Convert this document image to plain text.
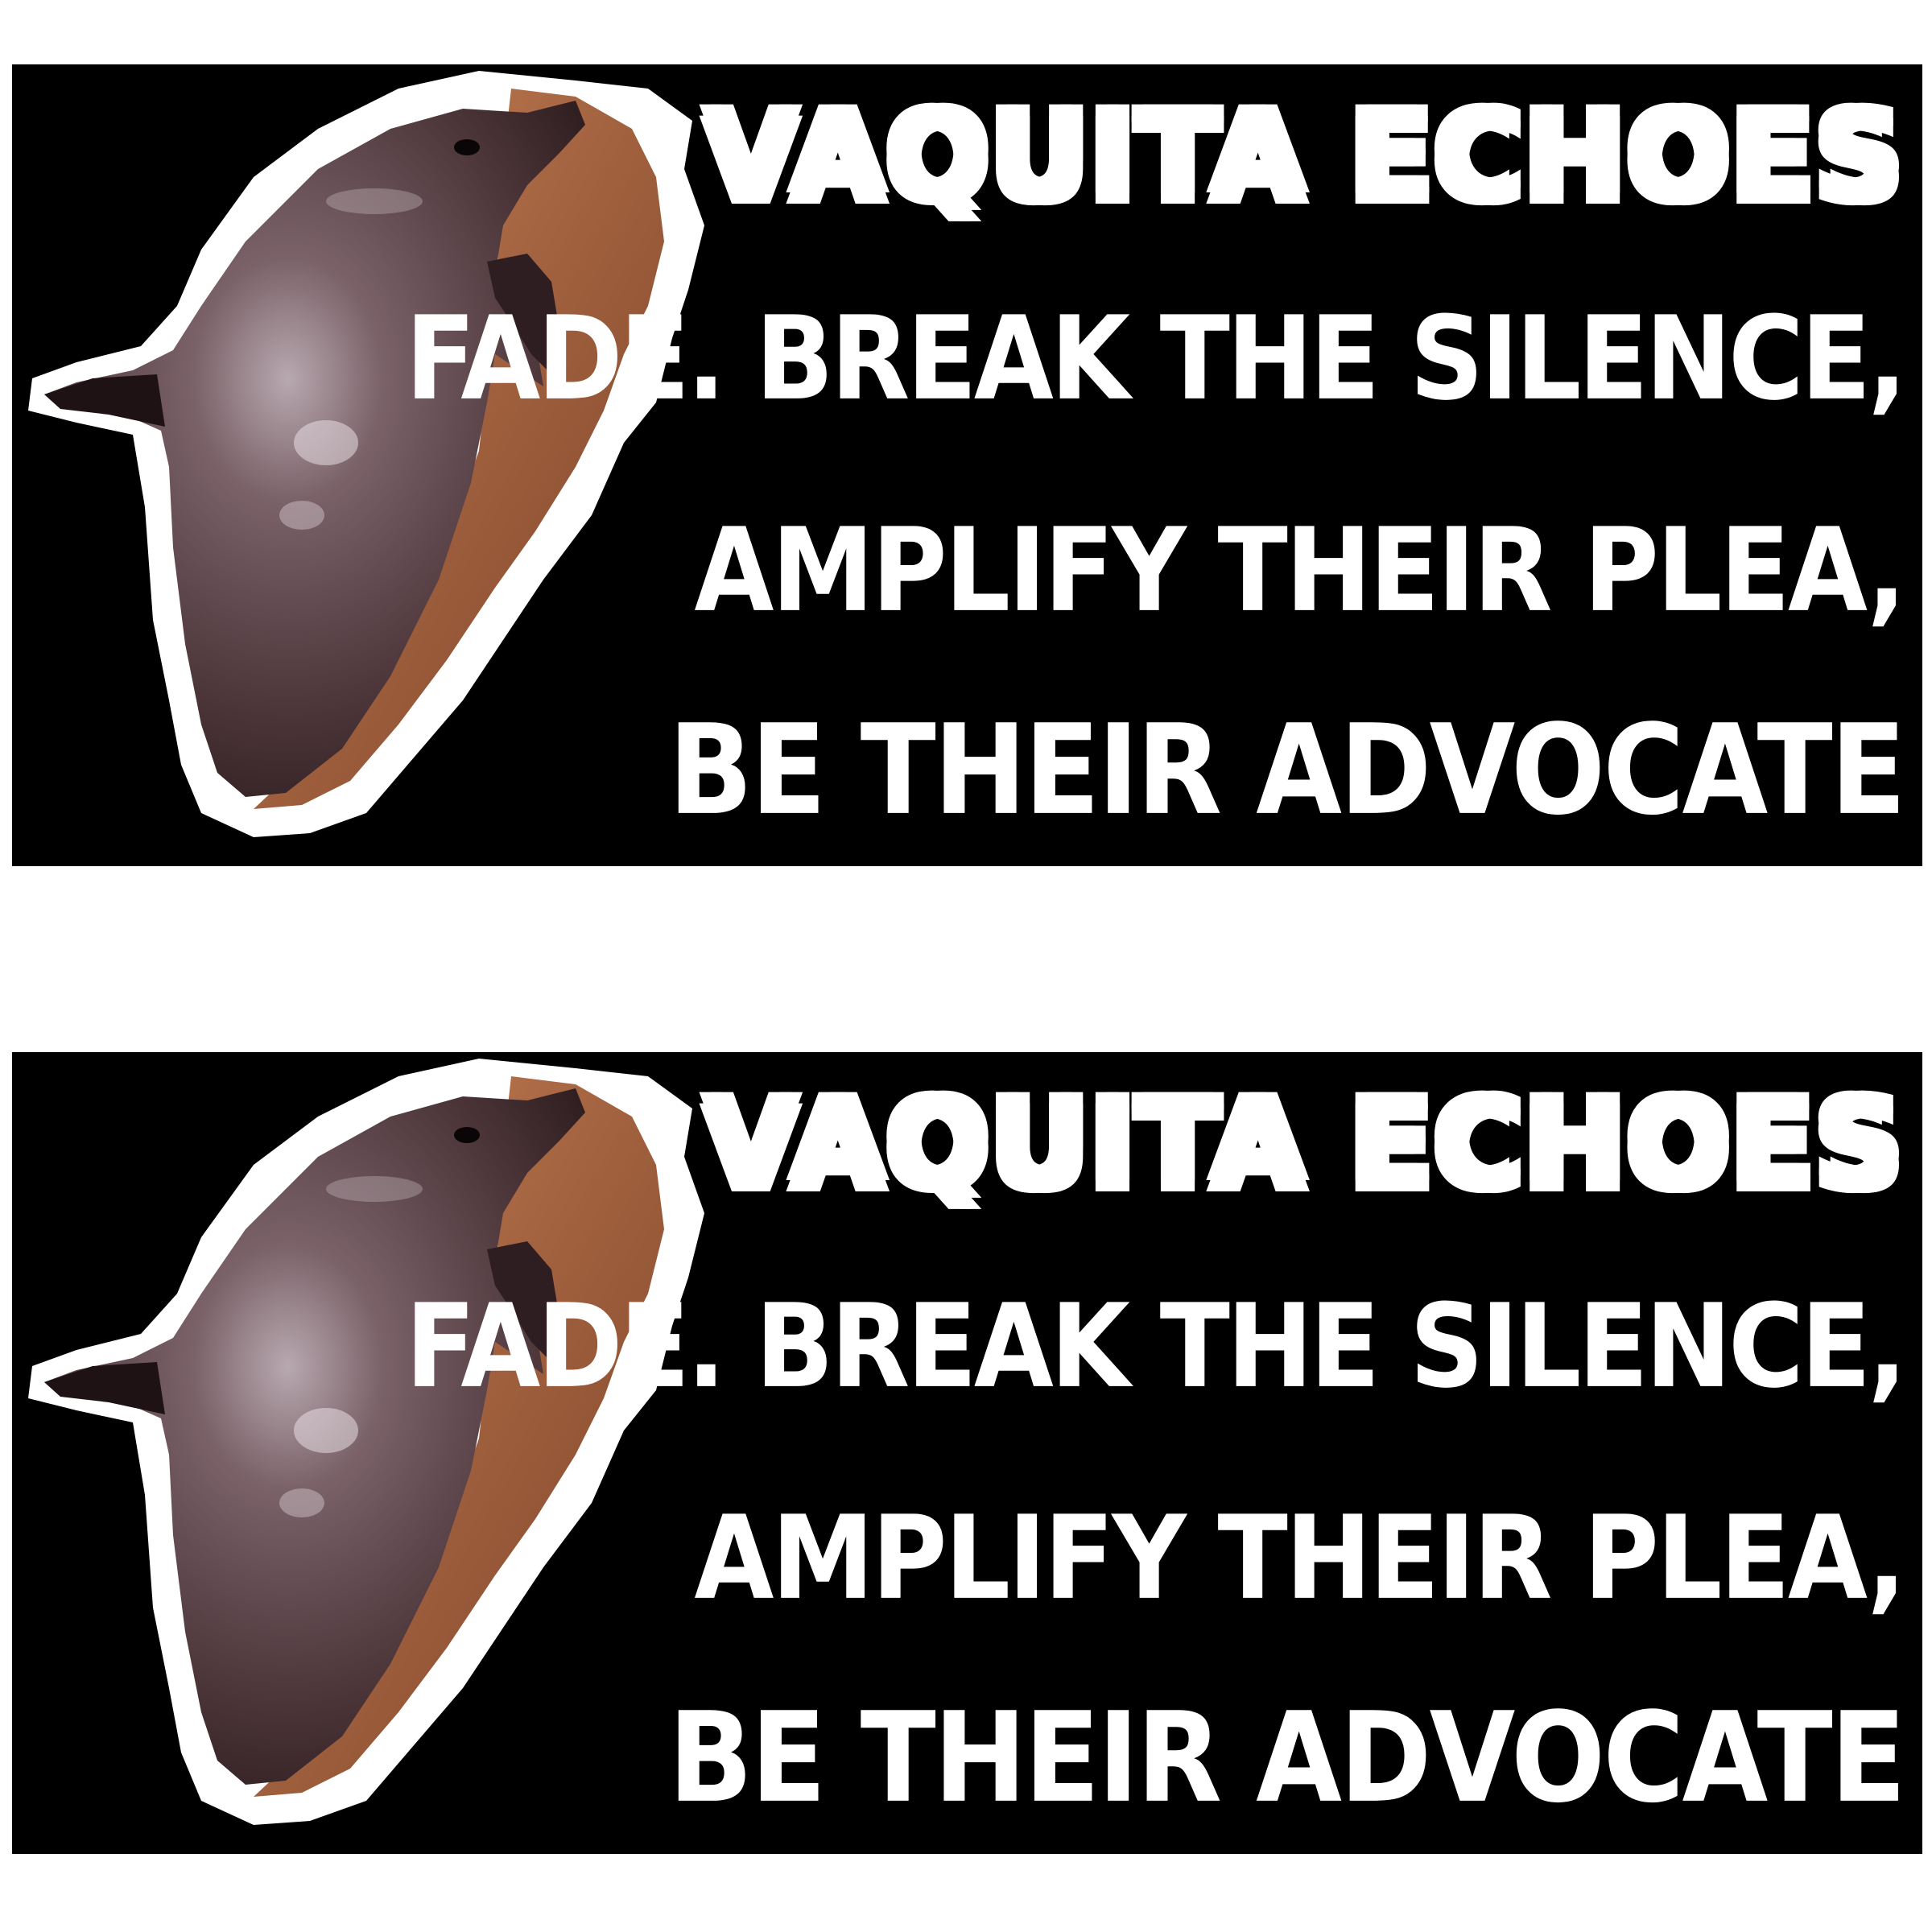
VAQUITA ECHOES
FADE. BREAK THE SILENCE,
AMPLIFY THEIR PLEA,
BE THEIR ADVOCATE
VAQUITA ECHOES
FADE. BREAK THE SILENCE,
AMPLIFY THEIR PLEA,
BE THEIR ADVOCATE
